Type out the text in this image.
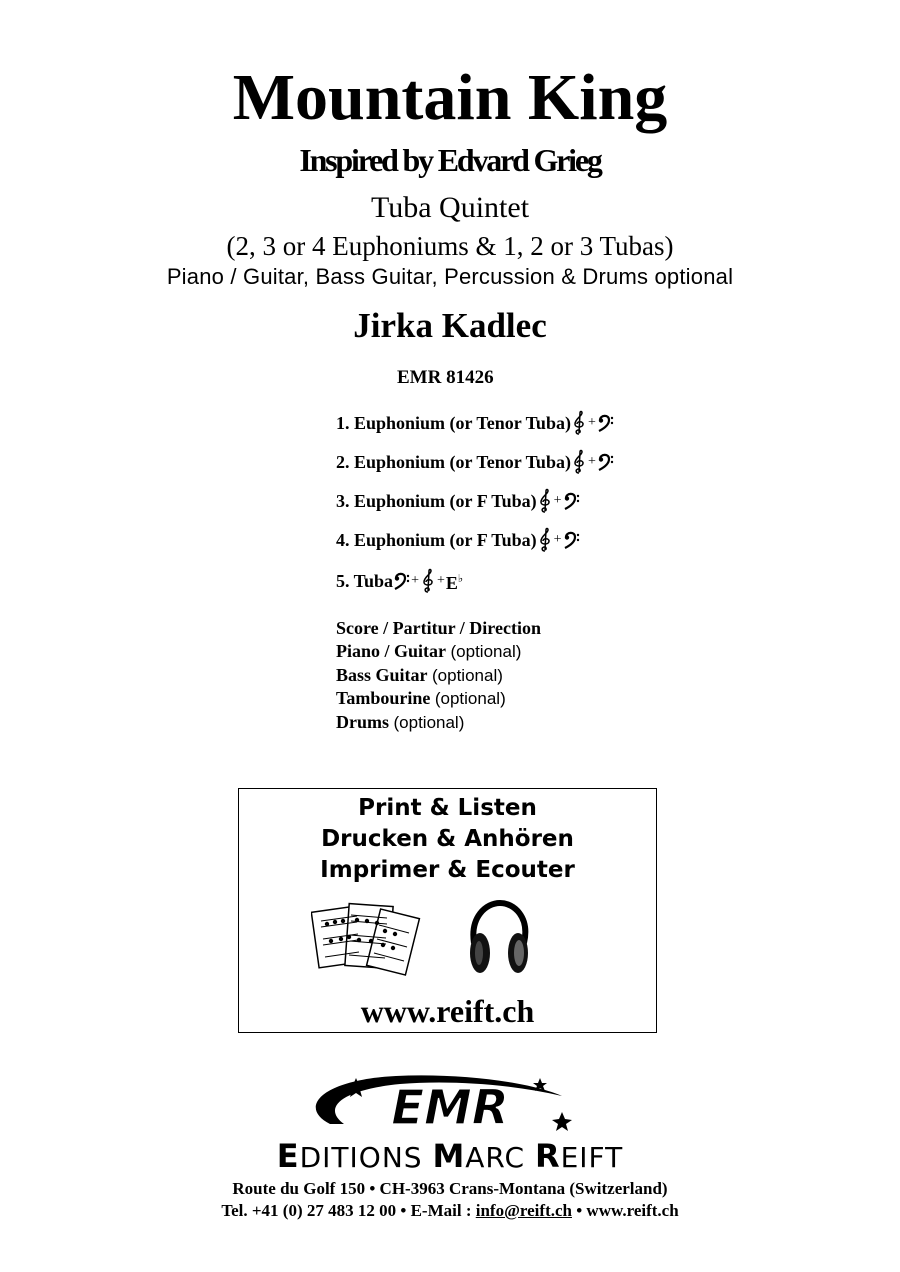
Mountain King
Inspired by Edvard Grieg
Tuba Quintet
(2, 3 or 4 Euphoniums & 1, 2 or 3 Tubas)
Piano / Guitar, Bass Guitar, Percussion & Drums optional
Jirka Kadlec
EMR 81426
1. Euphonium (or Tenor Tuba) +
2. Euphonium (or Tenor Tuba) +
3. Euphonium (or F Tuba) +
4. Euphonium (or F Tuba) +
5. Tuba + + E♭
Score / Partitur / Direction
Piano / Guitar (optional)
Bass Guitar (optional)
Tambourine (optional)
Drums (optional)
Print & Listen
Drucken & Anhören
Imprimer & Ecouter
www.reift.ch
EMR
EDITIONS MARC REIFT
Route du Golf 150 • CH-3963 Crans-Montana (Switzerland)
Tel. +41 (0) 27 483 12 00 • E-Mail : info@reift.ch • www.reift.ch
